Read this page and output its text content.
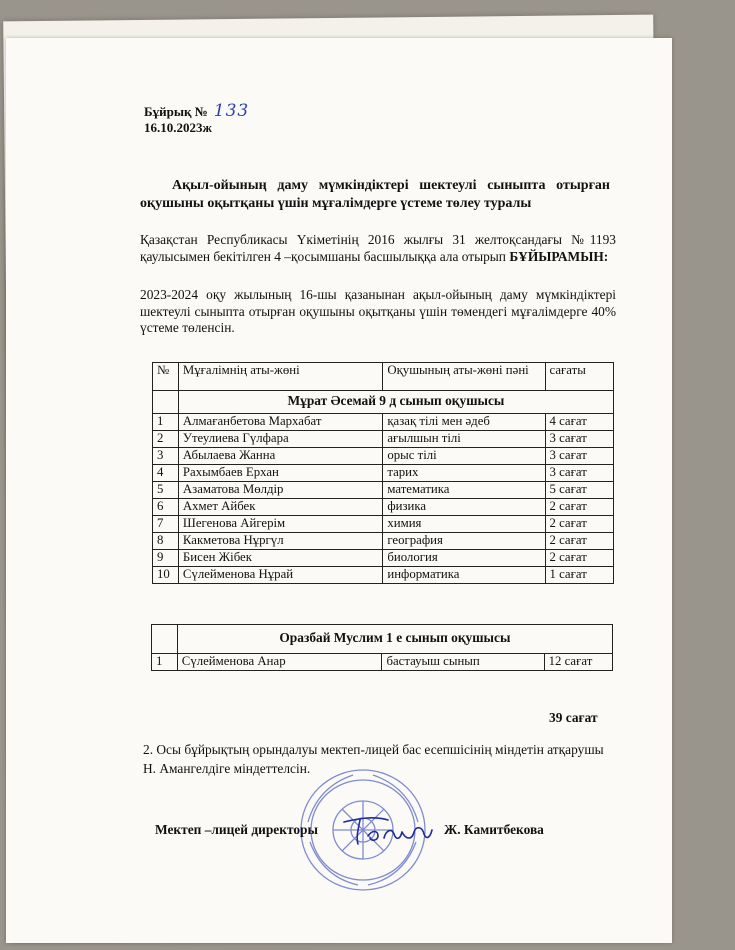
Бұйрық № 133
16.10.2023ж
Ақыл-ойының даму мүмкіндіктері шектеулі сыныпта отырған оқушыны оқытқаны үшін мұғалімдерге үстеме төлеу туралы
Қазақстан Республикасы Үкіметінің 2016 жылғы 31 желтоқсандағы №1193 қаулысымен бекітілген 4 –қосымшаны басшылыққа ала отырып БҰЙЫРАМЫН:
2023-2024 оқу жылының 16-шы қазанынан ақыл-ойының даму мүмкіндіктері шектеулі сыныпта отырған оқушыны оқытқаны үшін төмендегі мұғалімдерге 40% үстеме төленсін.
№	Мұғалімнің аты-жөні	Оқушының аты-жөні пәні	сағаты
	Мұрат Әсемай 9 д сынып оқушысы		
1	Алмағанбетова Мархабат	қазақ тілі мен әдеб	4 сағат
2	Утеулиева Гүлфара	ағылшын тілі	3 сағат
3	Абылаева Жанна	орыс тілі	3 сағат
4	Рахымбаев Ерхан	тарих	3 сағат
5	Азаматова Мөлдір	математика	5 сағат
6	Ахмет Айбек	физика	2 сағат
7	Шегенова Айгерім	химия	2 сағат
8	Какметова Нұргүл	география	2 сағат
9	Бисен Жібек	биология	2 сағат
10	Сүлейменова Нұрай	информатика	1 сағат
	Оразбай Муслим 1 е сынып оқушысы		
1	Сүлейменова Анар	бастауыш сынып	12 сағат
39 сағат
2. Осы бұйрықтың орындалуы мектеп-лицей бас есепшісінің міндетін атқарушы Н. Амангелдіге міндеттелсін.
Мектеп –лицей директоры	Ж. Камитбекова
